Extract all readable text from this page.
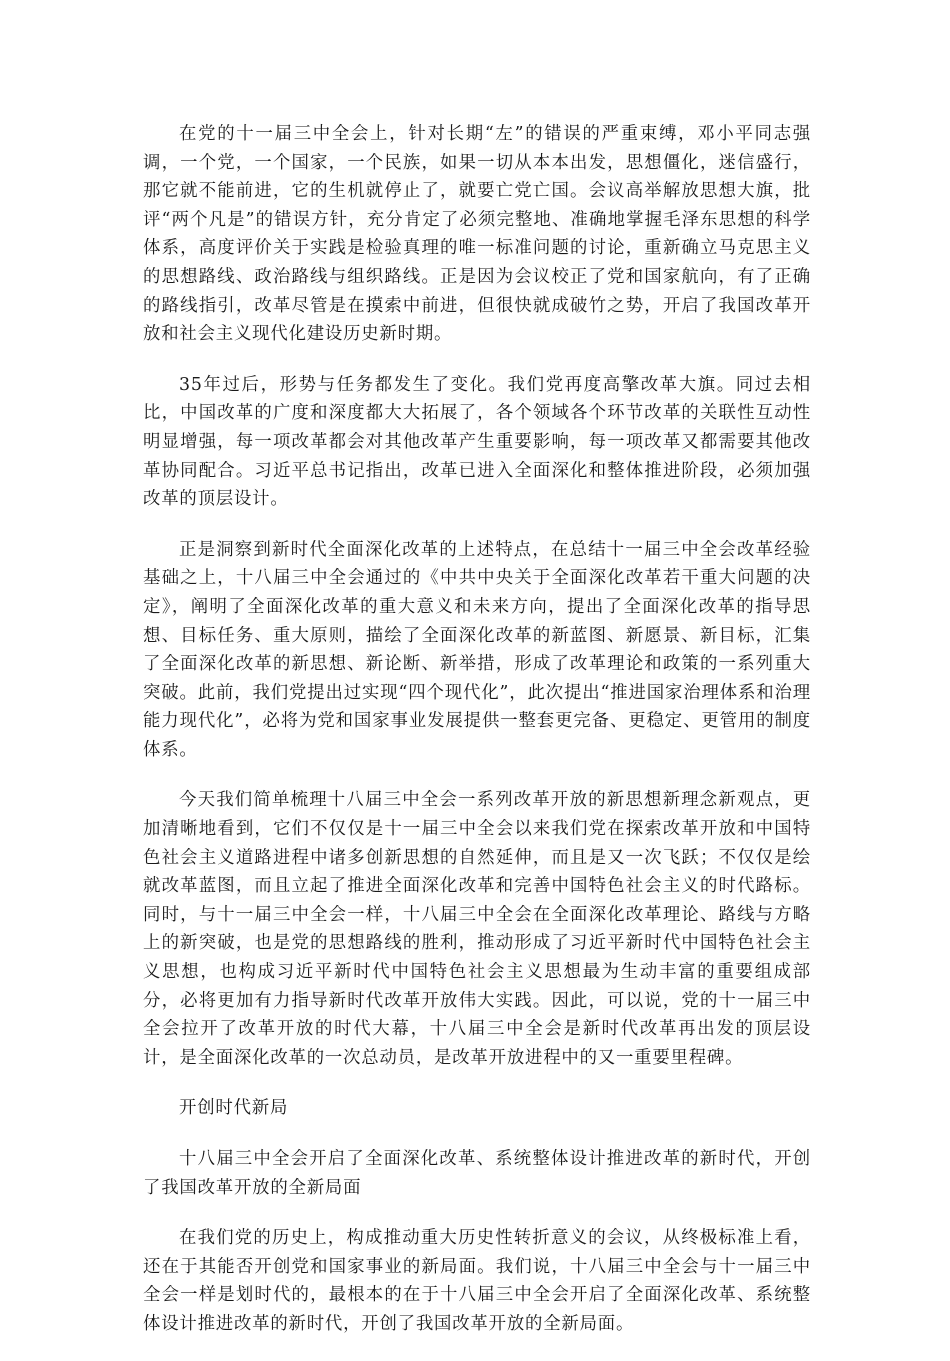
在党的十一届三中全会上，针对长期“左”的错误的严重束缚，邓小平同志强调，一个党，一个国家，一个民族，如果一切从本本出发，思想僵化，迷信盛行，那它就不能前进，它的生机就停止了，就要亡党亡国。会议高举解放思想大旗，批评“两个凡是”的错误方针，充分肯定了必须完整地、准确地掌握毛泽东思想的科学体系，高度评价关于实践是检验真理的唯一标准问题的讨论，重新确立马克思主义的思想路线、政治路线与组织路线。正是因为会议校正了党和国家航向，有了正确的路线指引，改革尽管是在摸索中前进，但很快就成破竹之势，开启了我国改革开放和社会主义现代化建设历史新时期。

35年过后，形势与任务都发生了变化。我们党再度高擎改革大旗。同过去相比，中国改革的广度和深度都大大拓展了，各个领域各个环节改革的关联性互动性明显增强，每一项改革都会对其他改革产生重要影响，每一项改革又都需要其他改革协同配合。习近平总书记指出，改革已进入全面深化和整体推进阶段，必须加强改革的顶层设计。

正是洞察到新时代全面深化改革的上述特点，在总结十一届三中全会改革经验基础之上，十八届三中全会通过的《中共中央关于全面深化改革若干重大问题的决定》，阐明了全面深化改革的重大意义和未来方向，提出了全面深化改革的指导思想、目标任务、重大原则，描绘了全面深化改革的新蓝图、新愿景、新目标，汇集了全面深化改革的新思想、新论断、新举措，形成了改革理论和政策的一系列重大突破。此前，我们党提出过实现“四个现代化”，此次提出“推进国家治理体系和治理能力现代化”，必将为党和国家事业发展提供一整套更完备、更稳定、更管用的制度体系。

今天我们简单梳理十八届三中全会一系列改革开放的新思想新理念新观点，更加清晰地看到，它们不仅仅是十一届三中全会以来我们党在探索改革开放和中国特色社会主义道路进程中诸多创新思想的自然延伸，而且是又一次飞跃；不仅仅是绘就改革蓝图，而且立起了推进全面深化改革和完善中国特色社会主义的时代路标。同时，与十一届三中全会一样，十八届三中全会在全面深化改革理论、路线与方略上的新突破，也是党的思想路线的胜利，推动形成了习近平新时代中国特色社会主义思想，也构成习近平新时代中国特色社会主义思想最为生动丰富的重要组成部分，必将更加有力指导新时代改革开放伟大实践。因此，可以说，党的十一届三中全会拉开了改革开放的时代大幕，十八届三中全会是新时代改革再出发的顶层设计，是全面深化改革的一次总动员，是改革开放进程中的又一重要里程碑。

开创时代新局

十八届三中全会开启了全面深化改革、系统整体设计推进改革的新时代，开创了我国改革开放的全新局面

在我们党的历史上，构成推动重大历史性转折意义的会议，从终极标准上看，还在于其能否开创党和国家事业的新局面。我们说，十八届三中全会与十一届三中全会一样是划时代的，最根本的在于十八届三中全会开启了全面深化改革、系统整体设计推进改革的新时代，开创了我国改革开放的全新局面。
